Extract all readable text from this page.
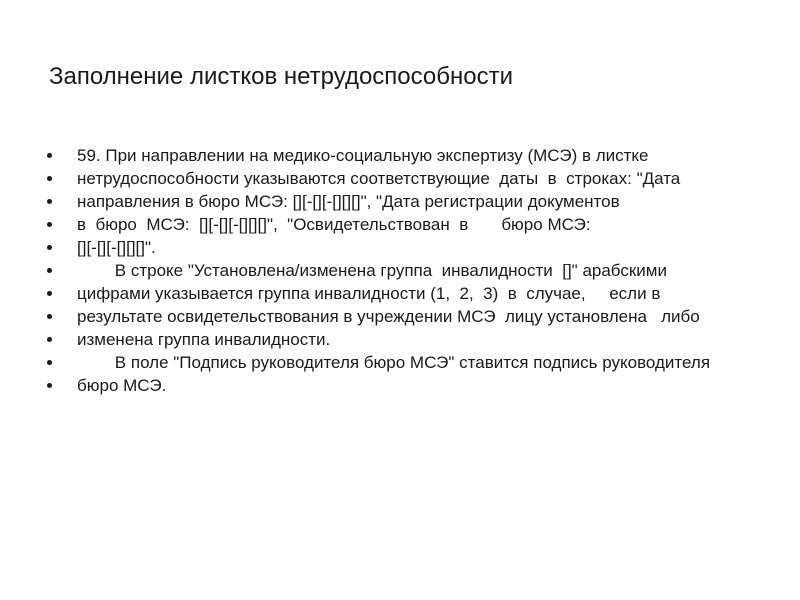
Заполнение листков нетрудоспособности
59. При направлении на медико-социальную экспертизу (МСЭ) в листке
нетрудоспособности указываются соответствующие  даты  в  строках: "Дата
направления в бюро МСЭ: [][-[][-[][][]", "Дата регистрации документов
в  бюро  МСЭ:  [][-[][-[][][]",  "Освидетельствован  в       бюро МСЭ:
[][-[][-[][][]".
В строке "Установлена/изменена группа  инвалидности  []" арабскими
цифрами указывается группа инвалидности (1,  2,  3)  в  случае,     если в
результате освидетельствования в учреждении МСЭ  лицу установлена   либо
изменена группа инвалидности.
В поле "Подпись руководителя бюро МСЭ" ставится подпись руководителя
бюро МСЭ.
